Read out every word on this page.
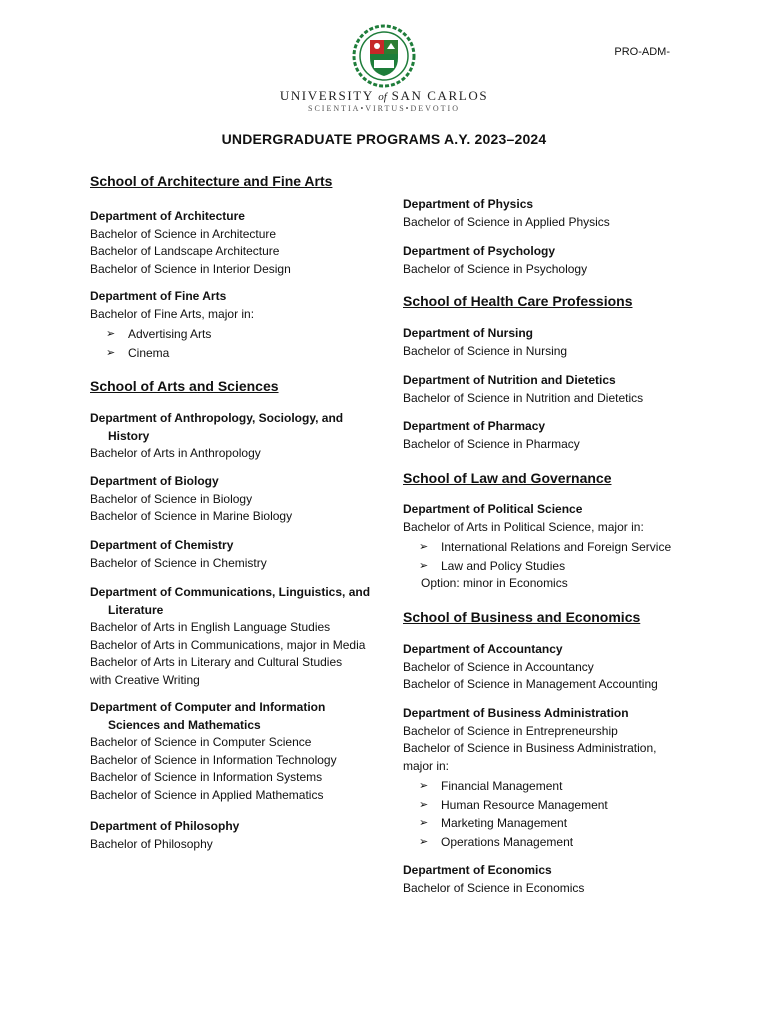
UNIVERSITY of SAN CARLOS
SCIENTIA•VIRTUS•DEVOTIO
PRO-ADM-
UNDERGRADUATE PROGRAMS A.Y. 2023–2024
School of Architecture and Fine Arts
Department of Architecture
Bachelor of Science in Architecture
Bachelor of Landscape Architecture
Bachelor of Science in Interior Design
Department of Fine Arts
Bachelor of Fine Arts, major in:
➢ Advertising Arts
➢ Cinema
School of Arts and Sciences
Department of Anthropology, Sociology, and History
Bachelor of Arts in Anthropology
Department of Biology
Bachelor of Science in Biology
Bachelor of Science in Marine Biology
Department of Chemistry
Bachelor of Science in Chemistry
Department of Communications, Linguistics, and Literature
Bachelor of Arts in English Language Studies
Bachelor of Arts in Communications, major in Media
Bachelor of Arts in Literary and Cultural Studies
with Creative Writing
Department of Computer and Information Sciences and Mathematics
Bachelor of Science in Computer Science
Bachelor of Science in Information Technology
Bachelor of Science in Information Systems
Bachelor of Science in Applied Mathematics
Department of Philosophy
Bachelor of Philosophy
Department of Physics
Bachelor of Science in Applied Physics
Department of Psychology
Bachelor of Science in Psychology
School of Health Care Professions
Department of Nursing
Bachelor of Science in Nursing
Department of Nutrition and Dietetics
Bachelor of Science in Nutrition and Dietetics
Department of Pharmacy
Bachelor of Science in Pharmacy
School of Law and Governance
Department of Political Science
Bachelor of Arts in Political Science, major in:
➢ International Relations and Foreign Service
➢ Law and Policy Studies
Option: minor in Economics
School of Business and Economics
Department of Accountancy
Bachelor of Science in Accountancy
Bachelor of Science in Management Accounting
Department of Business Administration
Bachelor of Science in Entrepreneurship
Bachelor of Science in Business Administration,
major in:
➢ Financial Management
➢ Human Resource Management
➢ Marketing Management
➢ Operations Management
Department of Economics
Bachelor of Science in Economics
